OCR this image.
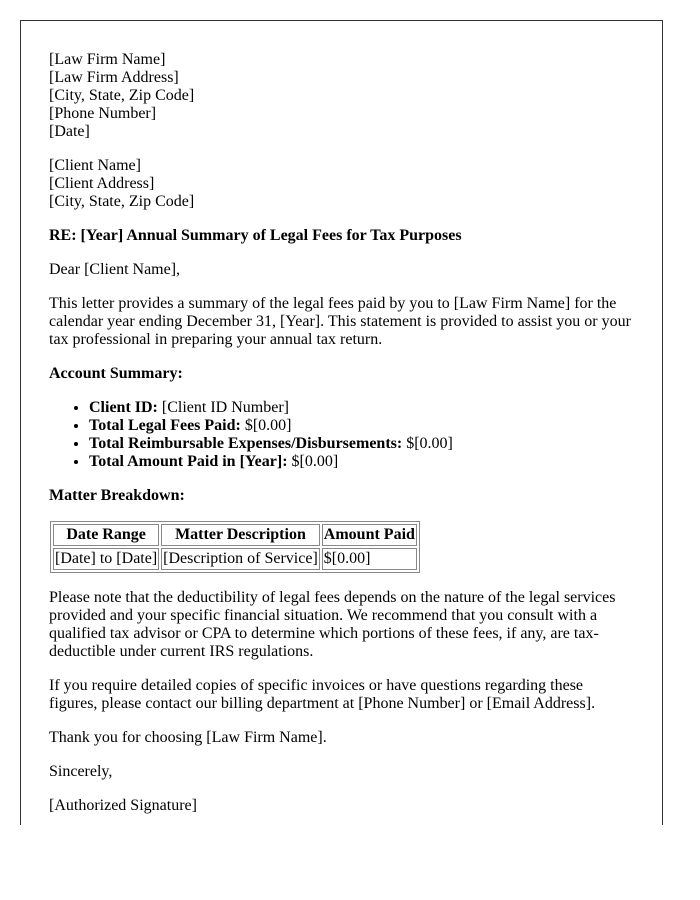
[Law Firm Name]
[Law Firm Address]
[City, State, Zip Code]
[Phone Number]
[Date]

[Client Name]
[Client Address]
[City, State, Zip Code]

RE: [Year] Annual Summary of Legal Fees for Tax Purposes

Dear [Client Name],

This letter provides a summary of the legal fees paid by you to [Law Firm Name] for the calendar year ending December 31, [Year]. This statement is provided to assist you or your tax professional in preparing your annual tax return.

Account Summary:

• Client ID: [Client ID Number]
• Total Legal Fees Paid: $[0.00]
• Total Reimbursable Expenses/Disbursements: $[0.00]
• Total Amount Paid in [Year]: $[0.00]

Matter Breakdown:

Date Range	Matter Description	Amount Paid
[Date] to [Date]	[Description of Service]	$[0.00]

Please note that the deductibility of legal fees depends on the nature of the legal services provided and your specific financial situation. We recommend that you consult with a qualified tax advisor or CPA to determine which portions of these fees, if any, are tax-deductible under current IRS regulations.

If you require detailed copies of specific invoices or have questions regarding these figures, please contact our billing department at [Phone Number] or [Email Address].

Thank you for choosing [Law Firm Name].

Sincerely,

[Authorized Signature]
